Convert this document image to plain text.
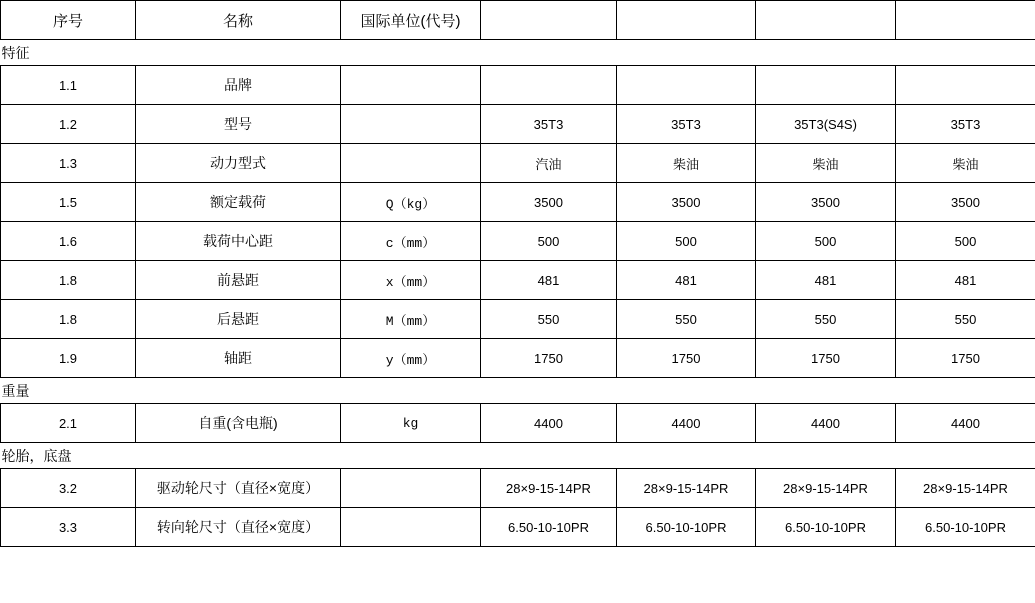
序号	名称	国际单位(代号)				
特征						
1.1	品牌					
1.2	型号		35T3	35T3	35T3(S4S)	35T3
1.3	动力型式		汽油	柴油	柴油	柴油
1.5	额定载荷	Q（kg）	3500	3500	3500	3500
1.6	载荷中心距	c（mm）	500	500	500	500
1.8	前悬距	x（mm）	481	481	481	481
1.8	后悬距	M（mm）	550	550	550	550
1.9	轴距	y（mm）	1750	1750	1750	1750
重量						
2.1	自重(含电瓶)	kg	4400	4400	4400	4400
轮胎，底盘						
3.2	驱动轮尺寸（直径×宽度）		28×9-15-14PR	28×9-15-14PR	28×9-15-14PR	28×9-15-14PR
3.3	转向轮尺寸（直径×宽度）		6.50-10-10PR	6.50-10-10PR	6.50-10-10PR	6.50-10-10PR
